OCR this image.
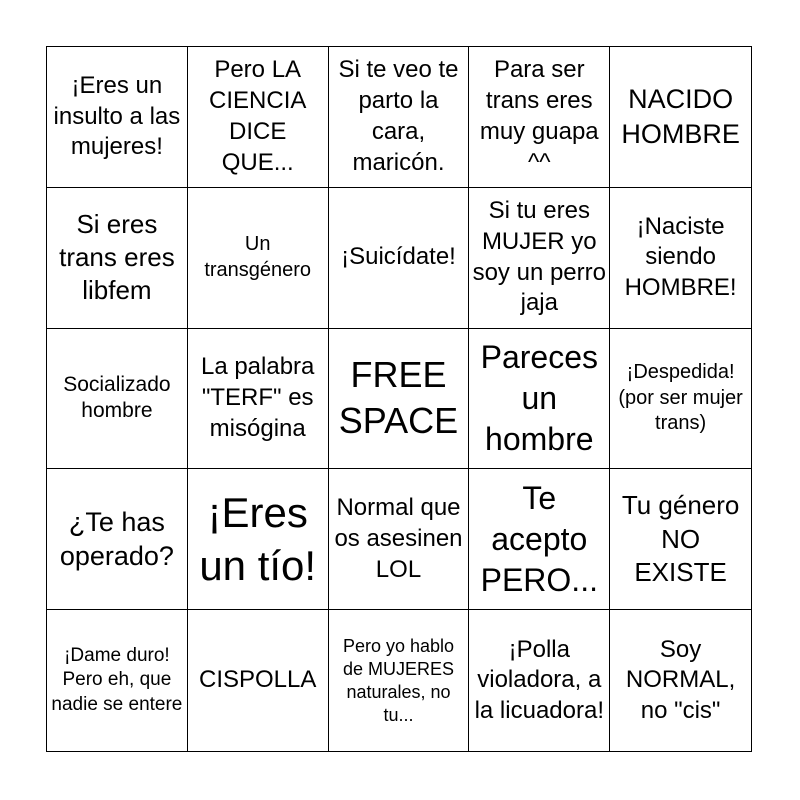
¡Eres un insulto a las mujeres!
Pero LA CIENCIA DICE QUE...
Si te veo te parto la cara, maricón.
Para ser trans eres muy guapa ^^
NACIDO HOMBRE
Si eres trans eres libfem
Un transgénero	¡Suicídate!
Si tu eres MUJER yo soy un perro jaja
¡Naciste siendo HOMBRE!
Socializado hombre
La palabra "TERF" es misógina
FREE SPACE
Pareces un hombre
¡Despedida! (por ser mujer trans)
¿Te has operado?
¡Eres un tío!
Normal que os asesinen LOL
Te acepto PERO...
Tu género NO EXISTE
¡Dame duro! Pero eh, que nadie se entere
CISPOLLA
Pero yo hablo de MUJERES naturales, no tu...
¡Polla violadora, a la licuadora!
Soy NORMAL, no "cis"
